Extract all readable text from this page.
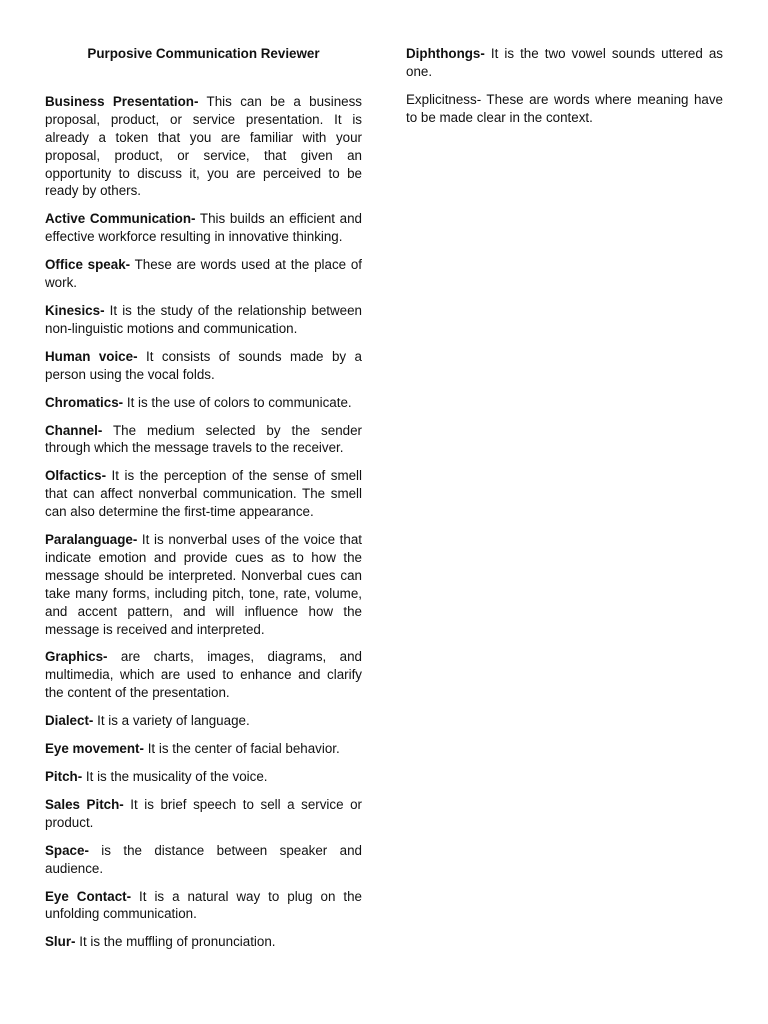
Purposive Communication Reviewer

Business Presentation- This can be a business proposal, product, or service presentation. It is already a token that you are familiar with your proposal, product, or service, that given an opportunity to discuss it, you are perceived to be ready by others.

Active Communication- This builds an efficient and effective workforce resulting in innovative thinking.

Office speak- These are words used at the place of work.

Kinesics- It is the study of the relationship between non-linguistic motions and communication.

Human voice- It consists of sounds made by a person using the vocal folds.

Chromatics- It is the use of colors to communicate.

Channel- The medium selected by the sender through which the message travels to the receiver.

Olfactics- It is the perception of the sense of smell that can affect nonverbal communication. The smell can also determine the first-time appearance.

Paralanguage- It is nonverbal uses of the voice that indicate emotion and provide cues as to how the message should be interpreted. Nonverbal cues can take many forms, including pitch, tone, rate, volume, and accent pattern, and will influence how the message is received and interpreted.

Graphics- are charts, images, diagrams, and multimedia, which are used to enhance and clarify the content of the presentation.

Dialect- It is a variety of language.

Eye movement- It is the center of facial behavior.

Pitch- It is the musicality of the voice.

Sales Pitch- It is brief speech to sell a service or product.

Space- is the distance between speaker and audience.

Eye Contact- It is a natural way to plug on the unfolding communication.

Slur- It is the muffling of pronunciation.

Diphthongs- It is the two vowel sounds uttered as one.

Explicitness- These are words where meaning have to be made clear in the context.
